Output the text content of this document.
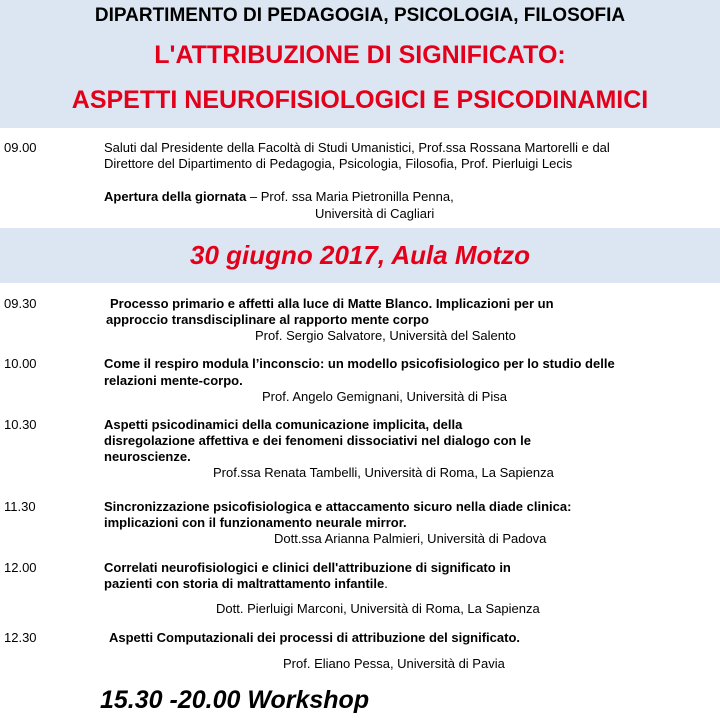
DIPARTIMENTO DI PEDAGOGIA, PSICOLOGIA, FILOSOFIA
L'ATTRIBUZIONE DI SIGNIFICATO:
ASPETTI NEUROFISIOLOGICI E PSICODINAMICI
09.00	Saluti dal Presidente della Facoltà di Studi Umanistici, Prof.ssa Rossana Martorelli e dal
Direttore del Dipartimento di Pedagogia, Psicologia, Filosofia, Prof. Pierluigi Lecis
Apertura della giornata – Prof. ssa Maria Pietronilla Penna,
Università di Cagliari
30 giugno 2017, Aula Motzo
09.30	Processo primario e affetti alla luce di Matte Blanco. Implicazioni per un
approccio transdisciplinare al rapporto mente corpo
Prof. Sergio Salvatore, Università del Salento
10.00	Come il respiro modula l’inconscio: un modello psicofisiologico per lo studio delle
relazioni mente-corpo.
Prof. Angelo Gemignani, Università di Pisa
10.30	Aspetti psicodinamici della comunicazione implicita, della
disregolazione affettiva e dei fenomeni dissociativi nel dialogo con le
neuroscienze.
Prof.ssa Renata Tambelli, Università di Roma, La Sapienza
11.30	Sincronizzazione psicofisiologica e attaccamento sicuro nella diade clinica:
implicazioni con il funzionamento neurale mirror.
Dott.ssa Arianna Palmieri, Università di Padova
12.00	Correlati neurofisiologici e clinici dell'attribuzione di significato in
pazienti con storia di maltrattamento infantile.
Dott. Pierluigi Marconi, Università di Roma, La Sapienza
12.30	Aspetti Computazionali dei processi di attribuzione del significato.
Prof. Eliano Pessa, Università di Pavia
15.30 -20.00 Workshop
